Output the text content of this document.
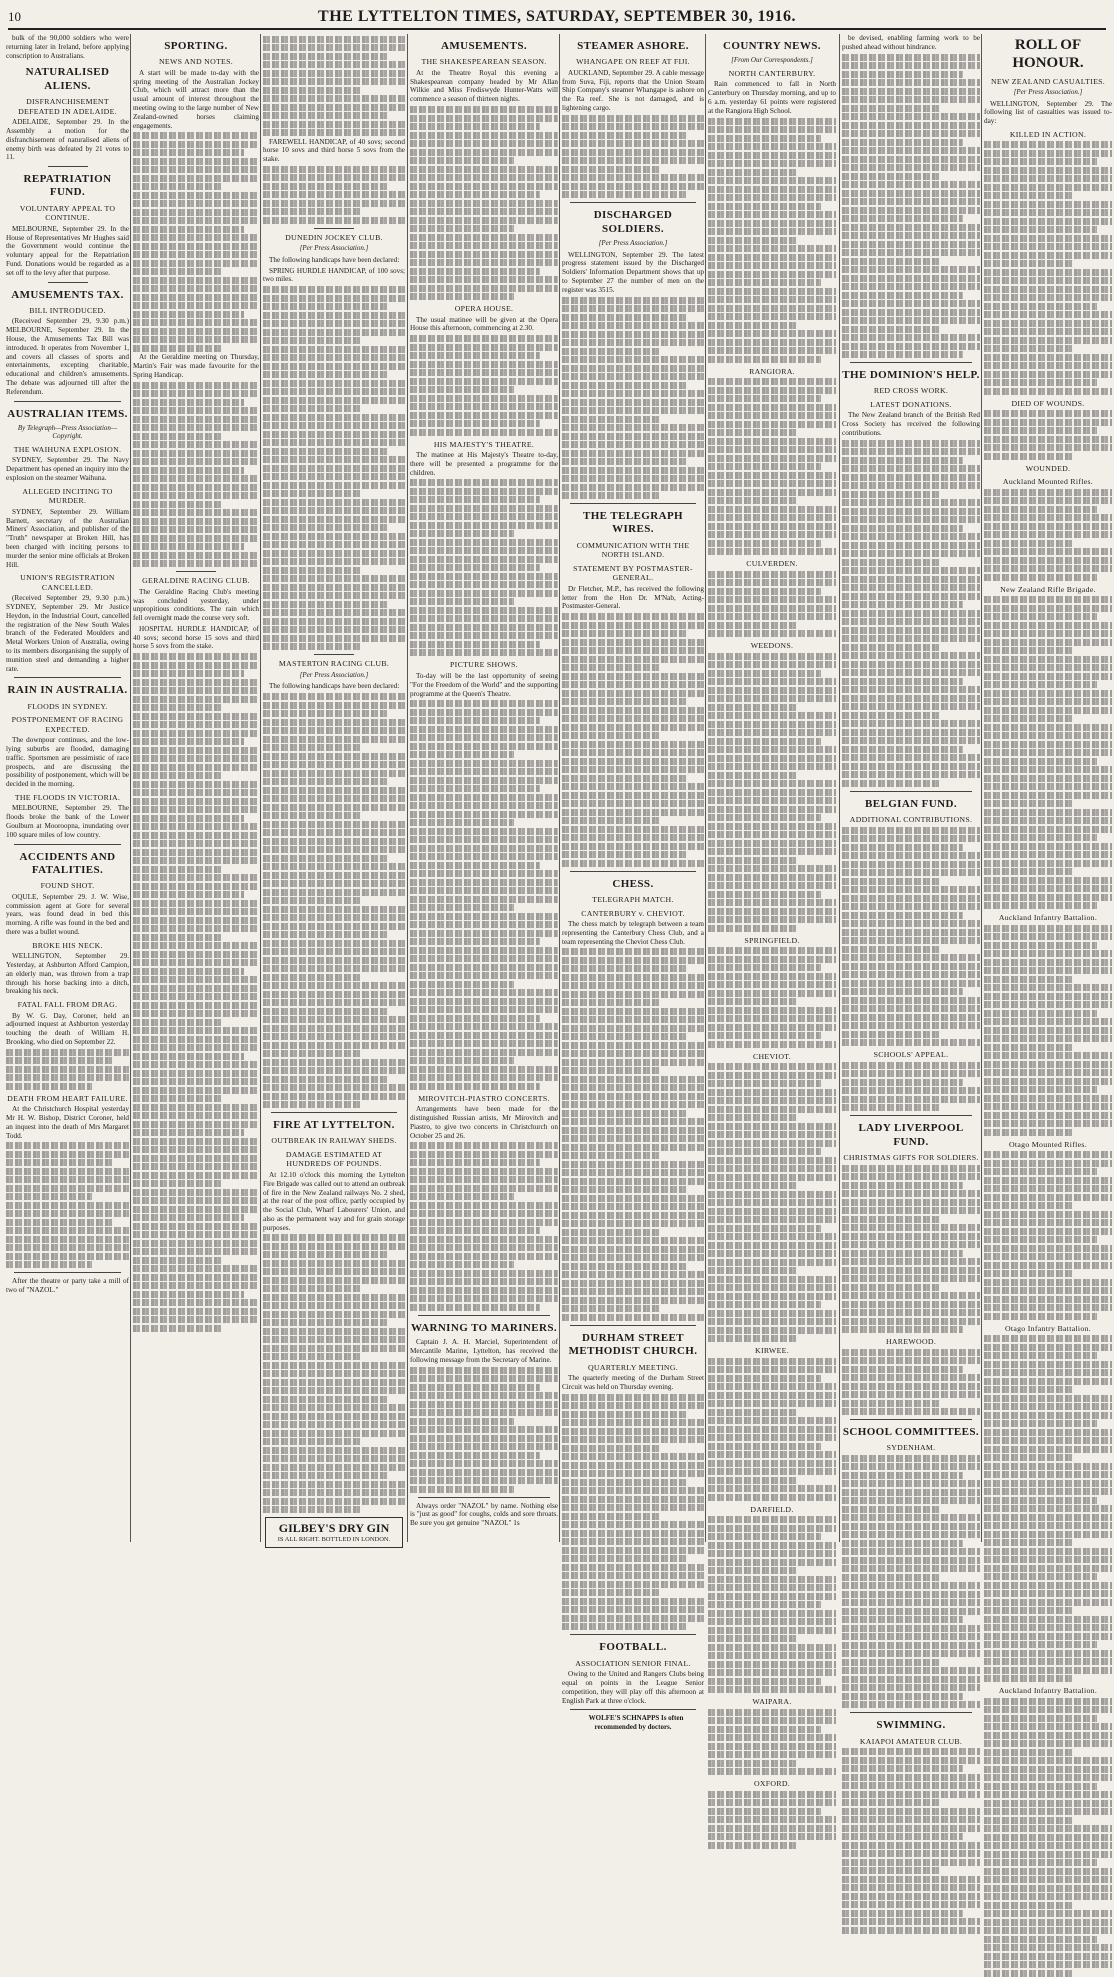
10	THE LYTTELTON TIMES, SATURDAY, SEPTEMBER 30, 1916.

bulk of the 90,000 soldiers who were returning later in Ireland, before applying conscription to Australians.

NATURALISED ALIENS.
DISFRANCHISEMENT DEFEATED IN ADELAIDE.

ADELAIDE, September 29. In the Assembly a motion for the disfranchisement of naturalised aliens of enemy birth was defeated by 21 votes to 11.

REPATRIATION FUND.
VOLUNTARY APPEAL TO CONTINUE.

MELBOURNE, September 29. In the House of Representatives Mr Hughes said the Government would continue the voluntary appeal for the Repatriation Fund. Donations would be regarded as a set off to the levy after that purpose.

AMUSEMENTS TAX.
BILL INTRODUCED.

(Received September 29, 9.30 p.m.) MELBOURNE, September 29. In the House, the Amusements Tax Bill was introduced. It operates from November 1, and covers all classes of sports and entertainments, excepting charitable, educational and children's amusements. The debate was adjourned till after the Referendum.

AUSTRALIAN ITEMS.
By Telegraph—Press Association—Copyright.
THE WAIHUNA EXPLOSION.

SYDNEY, September 29. The Navy Department has opened an inquiry into the explosion on the steamer Waihuna.

ALLEGED INCITING TO MURDER.

SYDNEY, September 29. William Barnett, secretary of the Australian Miners' Association, and publisher of the "Truth" newspaper at Broken Hill, has been charged with inciting persons to murder the senior mine officials at Broken Hill.

UNION'S REGISTRATION CANCELLED.

(Received September 29, 9.30 p.m.) SYDNEY, September 29. Mr Justice Heydon, in the Industrial Court, cancelled the registration of the New South Wales branch of the Federated Moulders and Metal Workers Union of Australia, owing to its members disorganising the supply of munition steel and demanding a higher rate.

RAIN IN AUSTRALIA.
FLOODS IN SYDNEY.
POSTPONEMENT OF RACING EXPECTED.

The downpour continues, and the low-lying suburbs are flooded, damaging traffic. Sportsmen are pessimistic of race prospects, and are discussing the possibility of postponement, which will be decided in the morning.

THE FLOODS IN VICTORIA.

MELBOURNE, September 29. The floods broke the bank of the Lower Goulburn at Mooroopna, inundating over 100 square miles of low country.

ACCIDENTS AND FATALITIES.
FOUND SHOT.

OQULE, September 29. J. W. Wise, commission agent at Gore for several years, was found dead in bed this morning. A rifle was found in the bed and there was a bullet wound.

BROKE HIS NECK.

WELLINGTON, September 29. Yesterday, at Ashburton Afford Campion, an elderly man, was thrown from a trap through his horse backing into a ditch, breaking his neck.

FATAL FALL FROM DRAG.

By W. G. Day, Coroner, held an adjourned inquest at Ashburton yesterday touching the death of William H. Brooking, who died on September 22.

DEATH FROM HEART FAILURE.

At the Christchurch Hospital yesterday Mr H. W. Bishop, District Coroner, held an inquest into the death of Mrs Margaret Todd.

After the theatre or party take a mill of two of "NAZOL."

SPORTING.
NEWS AND NOTES.

A start will be made to-day with the spring meeting of the Australian Jockey Club, which will attract more than the usual amount of interest throughout the meeting owing to the large number of New Zealand-owned horses claiming engagements.

At the Geraldine meeting on Thursday, Martin's Fair was made favourite for the Spring Handicap.

GERALDINE RACING CLUB.

The Geraldine Racing Club's meeting was concluded yesterday, under unpropitious conditions. The rain which fell overnight made the course very soft.

HOSPITAL HURDLE HANDICAP, of 40 sovs; second horse 15 sovs and third horse 5 sovs from the stake.

FAREWELL HANDICAP, of 40 sovs; second horse 10 sovs and third horse 5 sovs from the stake.

DUNEDIN JOCKEY CLUB.
[Per Press Association.]

The following handicaps have been declared:

SPRING HURDLE HANDICAP, of 100 sovs; two miles.

MASTERTON RACING CLUB.
[Per Press Association.]

The following handicaps have been declared:

FIRE AT LYTTELTON.
OUTBREAK IN RAILWAY SHEDS.
DAMAGE ESTIMATED AT HUNDREDS OF POUNDS.

At 12.10 o'clock this morning the Lyttelton Fire Brigade was called out to attend an outbreak of fire in the New Zealand railways No. 2 shed, at the rear of the post office, partly occupied by the Social Club, Wharf Labourers' Union, and also as the permanent way and for grain storage purposes.

GILBEY'S DRY GIN
IS ALL RIGHT. BOTTLED IN LONDON.
AMUSEMENTS.
THE SHAKESPEAREAN SEASON.

At the Theatre Royal this evening a Shakespearean company headed by Mr Allan Wilkie and Miss Frediswyde Hunter-Watts will commence a season of thirteen nights.

OPERA HOUSE.

The usual matinee will be given at the Opera House this afternoon, commencing at 2.30.

HIS MAJESTY'S THEATRE.

The matinee at His Majesty's Theatre to-day, there will be presented a programme for the children.

PICTURE SHOWS.

To-day will be the last opportunity of seeing "For the Freedom of the World" and the supporting programme at the Queen's Theatre.

MIROVITCH-PIASTRO CONCERTS.

Arrangements have been made for the distinguished Russian artists, Mr Mirovitch and Piastro, to give two concerts in Christchurch on October 25 and 26.

WARNING TO MARINERS.

Captain J. A. H. Marciel, Superintendent of Mercantile Marine, Lyttelton, has received the following message from the Secretary of Marine.

Always order "NAZOL" by name. Nothing else is "just as good" for coughs, colds and sore throats. Be sure you get genuine "NAZOL" 1s

STEAMER ASHORE.
WHANGAPE ON REEF AT FIJI.

AUCKLAND, September 29. A cable message from Suva, Fiji, reports that the Union Steam Ship Company's steamer Whangape is ashore on the Ra reef. She is not damaged, and is lightening cargo.

DISCHARGED SOLDIERS.
[Per Press Association.]

WELLINGTON, September 29. The latest progress statement issued by the Discharged Soldiers' Information Department shows that up to September 27 the number of men on the register was 3515.

THE TELEGRAPH WIRES.
COMMUNICATION WITH THE NORTH ISLAND.
STATEMENT BY POSTMASTER-GENERAL.

Dr Fletcher, M.P., has received the following letter from the Hon Dr. M'Nab, Acting-Postmaster-General.

CHESS.
TELEGRAPH MATCH.
CANTERBURY v. CHEVIOT.

The chess match by telegraph between a team representing the Canterbury Chess Club, and a team representing the Cheviot Chess Club.

DURHAM STREET METHODIST CHURCH.
QUARTERLY MEETING.

The quarterly meeting of the Durham Street Circuit was held on Thursday evening.

FOOTBALL.
ASSOCIATION SENIOR FINAL.

Owing to the United and Rangers Clubs being equal on points in the League Senior competition, they will play off this afternoon at English Park at three o'clock.

WOLFE'S SCHNAPPS Is often recommended by doctors.

COUNTRY NEWS.
[From Our Correspondents.]
NORTH CANTERBURY.

Rain commenced to fall in North Canterbury on Thursday morning, and up to 6 a.m. yesterday 61 points were registered at the Rangiora High School.

RANGIORA.
CULVERDEN.
WEEDONS.
SPRINGFIELD.
CHEVIOT.
KIRWEE.
DARFIELD.
WAIPARA.
OXFORD.

be devised, enabling farming work to be pushed ahead without hindrance.

THE DOMINION'S HELP.
RED CROSS WORK.
LATEST DONATIONS.

The New Zealand branch of the British Red Cross Society has received the following contributions.

BELGIAN FUND.
ADDITIONAL CONTRIBUTIONS.
SCHOOLS' APPEAL.
LADY LIVERPOOL FUND.
CHRISTMAS GIFTS FOR SOLDIERS.
HAREWOOD.
SCHOOL COMMITTEES.
SYDENHAM.
SWIMMING.
KAIAPOI AMATEUR CLUB.
ROLL OF HONOUR.
NEW ZEALAND CASUALTIES.
[Per Press Association.]

WELLINGTON, September 29. The following list of casualties was issued to-day:

KILLED IN ACTION.
DIED OF WOUNDS.
WOUNDED.
Auckland Mounted Rifles.
New Zealand Rifle Brigade.
Auckland Infantry Battalion.
Otago Mounted Rifles.
Otago Infantry Battalion.
Auckland Infantry Battalion.
